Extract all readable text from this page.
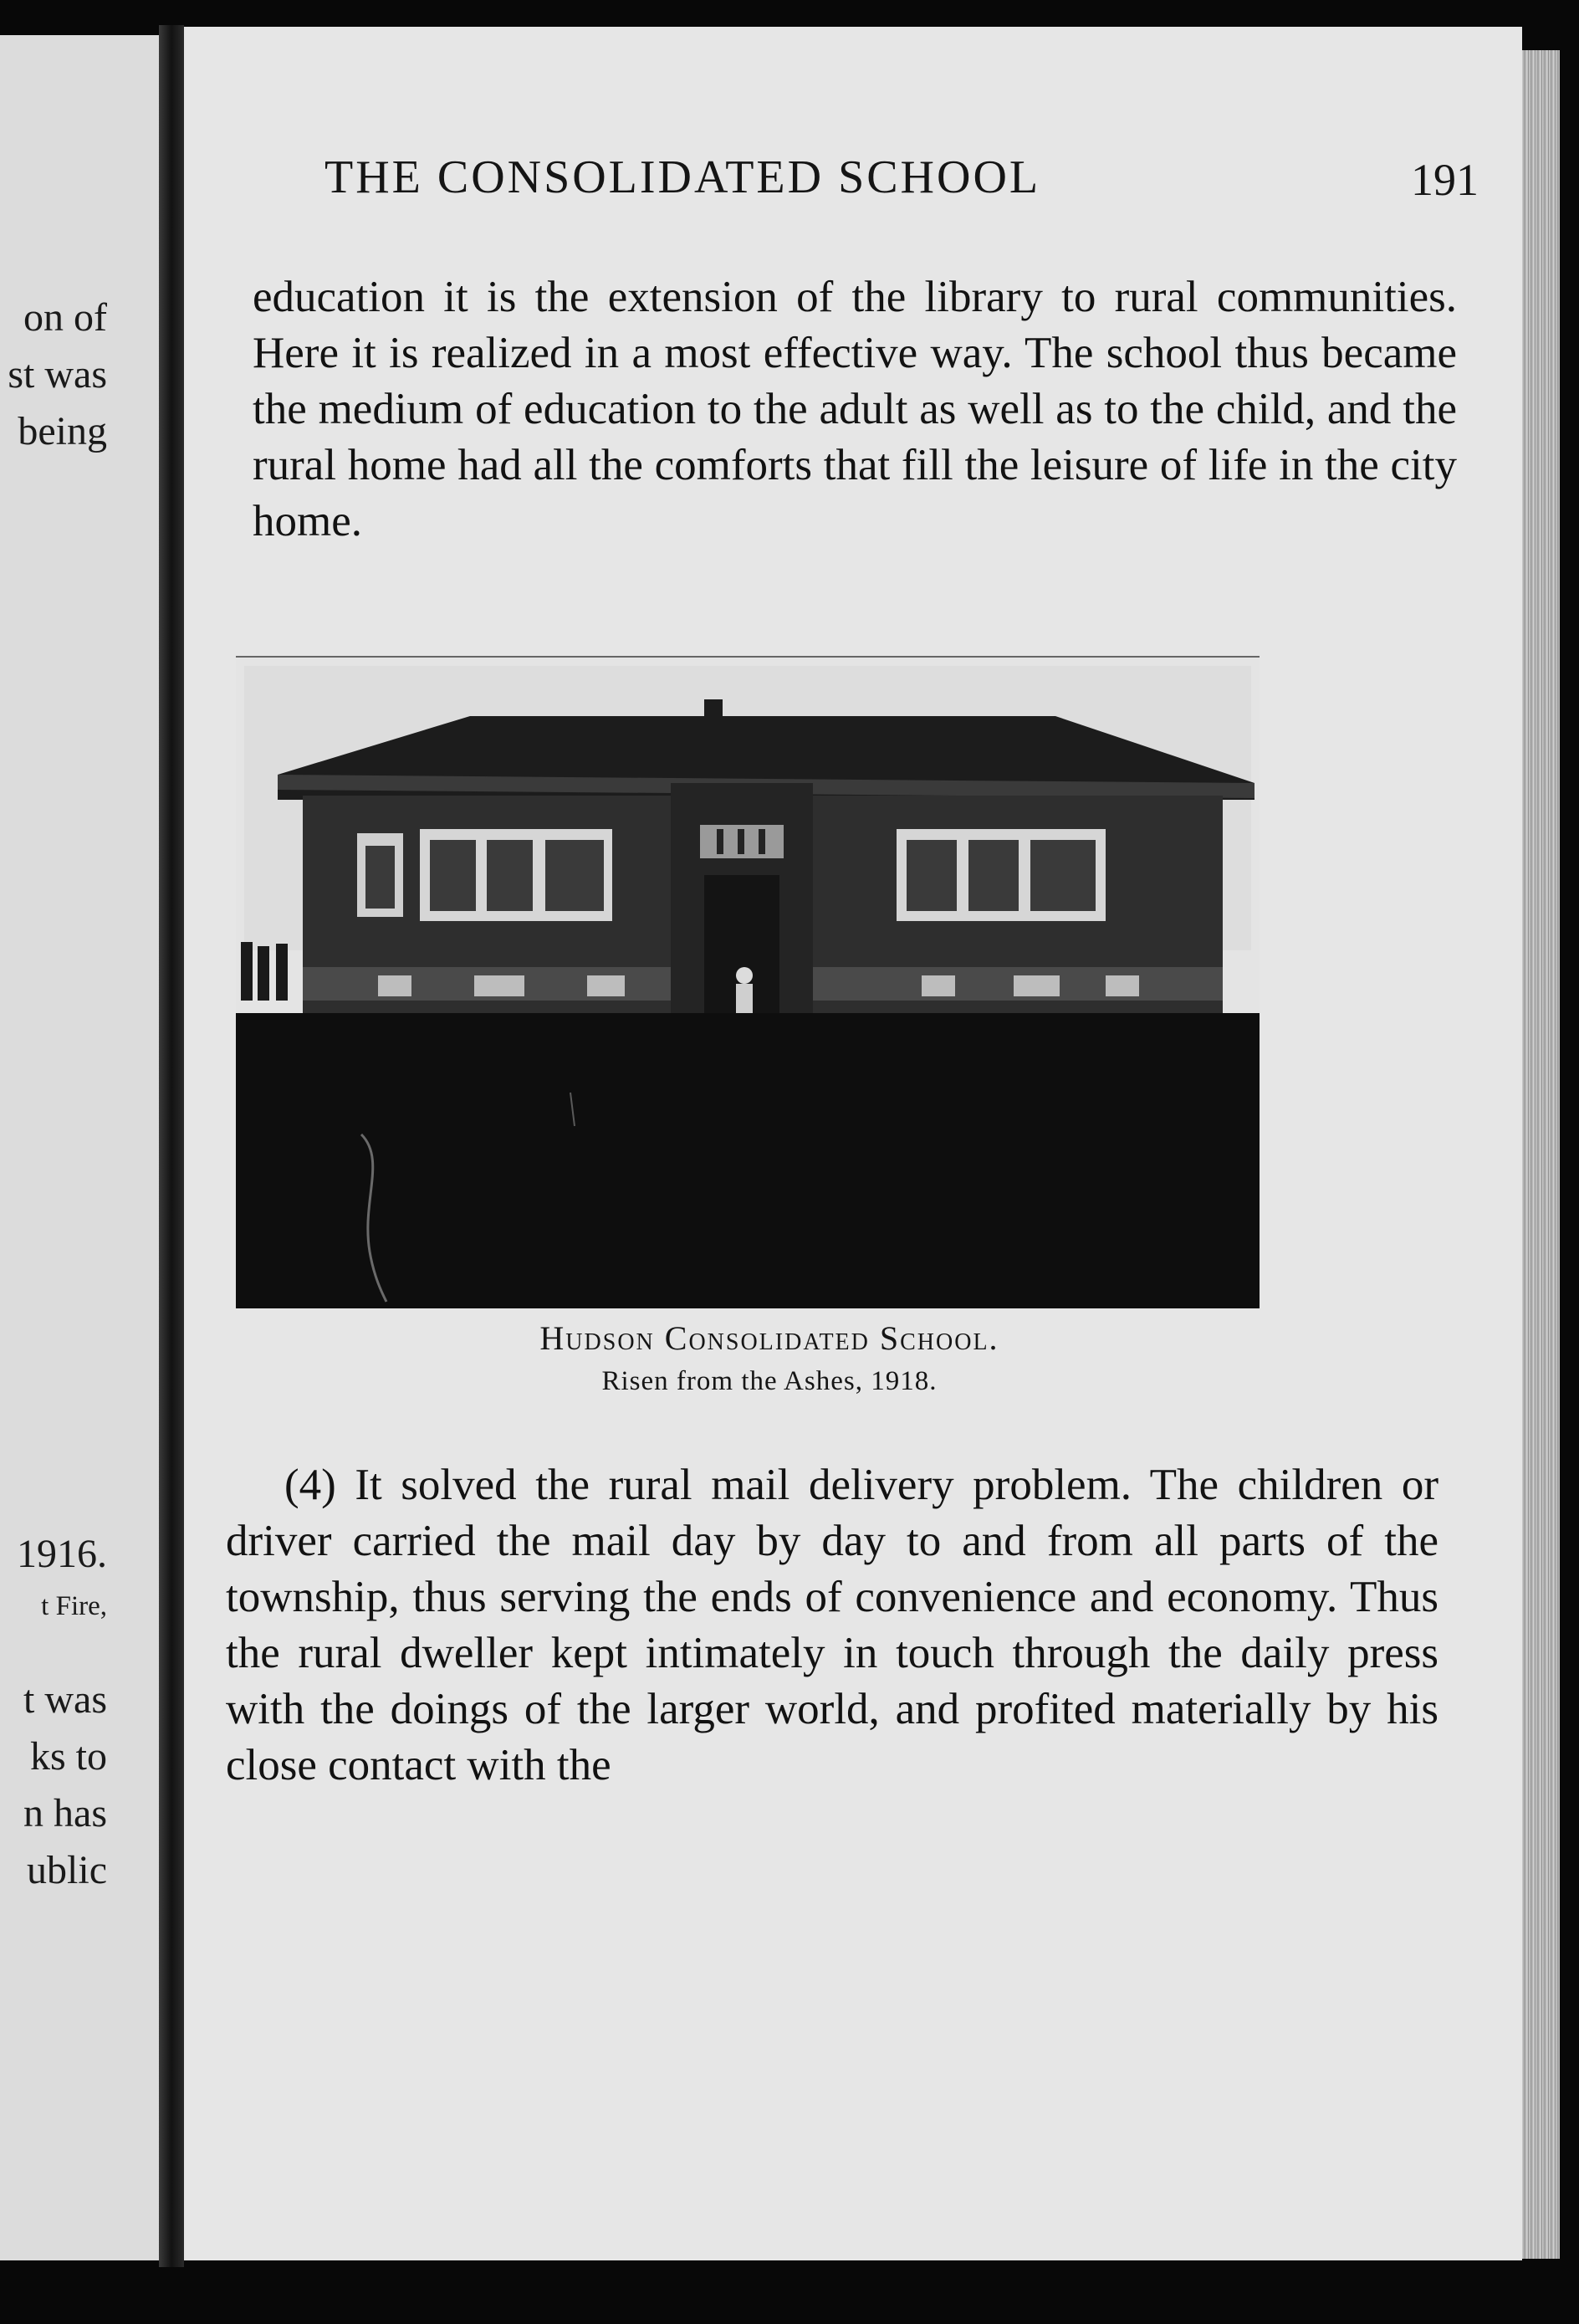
on of
st was
being
1916.
t Fire,
t was
ks to
n has
ublic
THE CONSOLIDATED SCHOOL	191

education it is the extension of the library to rural communities. Here it is realized in a most effective way. The school thus became the medium of education to the adult as well as to the child, and the rural home had all the comforts that fill the leisure of life in the city home.

Hudson Consolidated School.
Risen from the Ashes, 1918.

(4) It solved the rural mail delivery problem. The children or driver carried the mail day by day to and from all parts of the township, thus serving the ends of convenience and economy. Thus the rural dweller kept intimately in touch through the daily press with the doings of the larger world, and profited materially by his close contact with the
